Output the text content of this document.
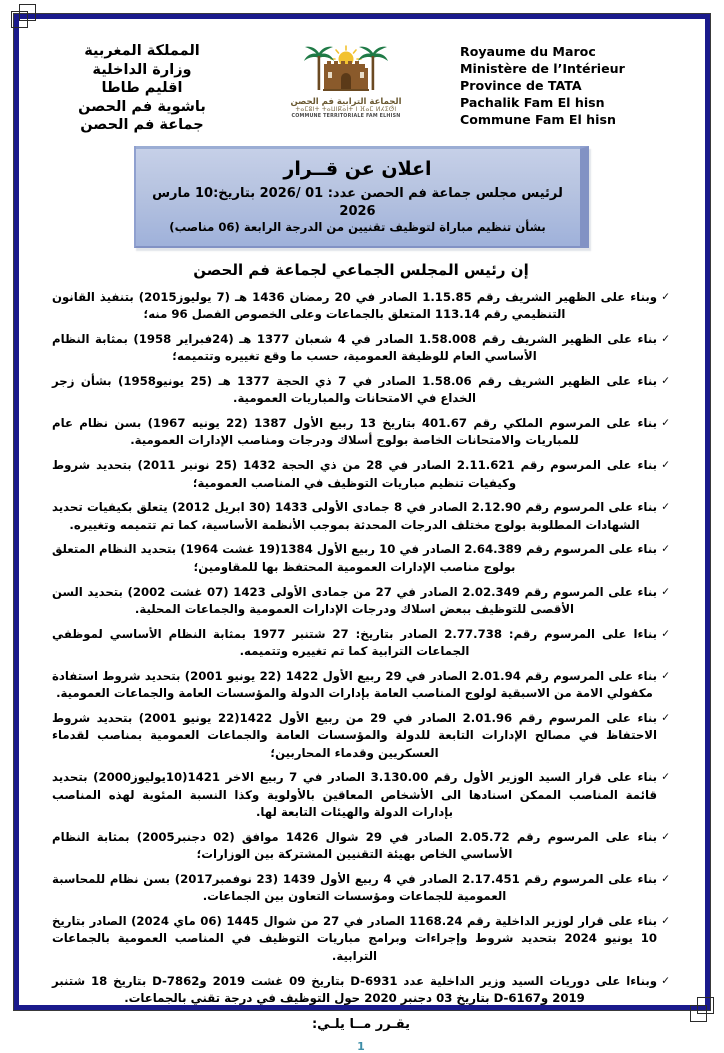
المملكة المغربية
وزارة الداخلية
اقليم طاطا
باشوية فم الحصن
جماعة فم الحصن
الجماعة الترابية فم الحصن
ⵜⴰⵎⵓⵏⵜ ⵜⴰⵡⵏⴽⴰⵏⵜ ⵏ ⴼⴰⵎ ⵍⵃⵉⵚⵏ
COMMUNE TERRITORIALE FAM ELHISN
Royaume du Maroc
Ministère de l’Intérieur
Province de TATA
Pachalik Fam El hisn
Commune Fam El hisn
اعلان عن قــرار
لرئيس مجلس جماعة فم الحصن عدد: 01 /2026 بتاريخ:10 مارس 2026
بشأن تنظيم مباراة لتوظيف تقنيين من الدرجة الرابعة (06 مناصب)
إن رئيس المجلس الجماعي لجماعة فم الحصن
✓
وبناء على الظهير الشريف رقم 1.15.85 الصادر في 20 رمضان 1436 هـ (7 يوليوز2015) بتنفيذ القانون التنظيمي رقم 113.14 المتعلق بالجماعات وعلى الخصوص الفصل 96 منه؛
✓
بناء على الظهير الشريف رقم 1.58.008 الصادر في 4 شعبان 1377 هـ (24فبراير 1958) بمثابة النظام الأساسي العام للوظيفة العمومية، حسب ما وقع تغييره وتتميمه؛
✓
بناء على الظهير الشريف رقم 1.58.06 الصادر في 7 ذي الحجة 1377 هـ (25 يونيو1958) بشأن زجر الخداع في الامتحانات والمباريات العمومية.
✓
بناء على المرسوم الملكي رقم 401.67 بتاريخ 13 ربيع الأول 1387 (22 يونيه 1967) بسن نظام عام للمباريات والامتحانات الخاصة بولوج أسلاك ودرجات ومناصب الإدارات العمومية.
✓
بناء على المرسوم رقم 2.11.621 الصادر في 28 من ذي الحجة 1432 (25 نونبر 2011) بتحديد شروط وكيفيات تنظيم مباريات التوظيف في المناصب العمومية؛
✓
بناء على المرسوم رقم 2.12.90 الصادر في 8 جمادى الأولى 1433 (30 ابريل 2012) يتعلق بكيفيات تحديد الشهادات المطلوبة بولوج مختلف الدرجات المحدثة بموجب الأنظمة الأساسية، كما تم تتميمه وتغييره.
✓
بناء على المرسوم رقم 2.64.389 الصادر في 10 ربيع الأول 1384(19 غشت 1964) بتحديد النظام المتعلق بولوج مناصب الإدارات العمومية المحتفظ بها للمقاومين؛
✓
بناء على المرسوم رقم 2.02.349 الصادر في 27 من جمادى الأولى 1423 (07 غشت 2002) بتحديد السن الأقصى للتوظيف ببعض اسلاك ودرجات الإدارات العمومية والجماعات المحلية.
✓
بناءا على المرسوم رقم: 2.77.738 الصادر بتاريخ: 27 شتنبر 1977 بمثابة النظام الأساسي لموظفي الجماعات الترابية كما تم تغييره وتتميمه.
✓
بناء على المرسوم رقم 2.01.94 الصادر في 29 ربيع الأول 1422 (22 يونيو 2001) بتحديد شروط استفادة مكفولي الامة من الاسبقية لولوج المناصب العامة بإدارات الدولة والمؤسسات العامة والجماعات العمومية.
✓
بناء على المرسوم رقم 2.01.96 الصادر في 29 من ربيع الأول 1422(22 يونيو 2001) بتحديد شروط الاحتفاظ في مصالح الإدارات التابعة للدولة والمؤسسات العامة والجماعات العمومية بمناصب لقدماء العسكريين وقدماء المحاربين؛
✓
بناء على قرار السيد الوزير الأول رقم 3.130.00 الصادر في 7 ربيع الاخر 1421(10يوليوز2000) بتحديد قائمة المناصب الممكن اسنادها الى الأشخاص المعاقين بالأولوية وكذا النسبة المئوية لهذه المناصب بإدارات الدولة والهيئات التابعة لها.
✓
بناء على المرسوم رقم 2.05.72 الصادر في 29 شوال 1426 موافق (02 دجنبر2005) بمثابة النظام الأساسي الخاص بهيئة التقنيين المشتركة بين الوزارات؛
✓
بناء على المرسوم رقم 2.17.451 الصادر في 4 ربيع الأول 1439 (23 نوفمبر2017) بسن نظام للمحاسبة العمومية للجماعات ومؤسسات التعاون بين الجماعات.
✓
بناء على قرار لوزير الداخلية رقم 1168.24 الصادر في 27 من شوال 1445 (06 ماي 2024) الصادر بتاريخ 10 يونيو 2024 بتحديد شروط وإجراءات وبرامج مباريات التوظيف في المناصب العمومية بالجماعات الترابية.
✓
وبناءا على دوريات السيد وزير الداخلية عدد D-6931 بتاريخ 09 غشت 2019 وD-7862 بتاريخ 18 شتنبر 2019 وD-6167 بتاريخ 03 دجنبر 2020 حول التوظيف في درجة تقني بالجماعات.
يقـرر مــا يلـي:
1
